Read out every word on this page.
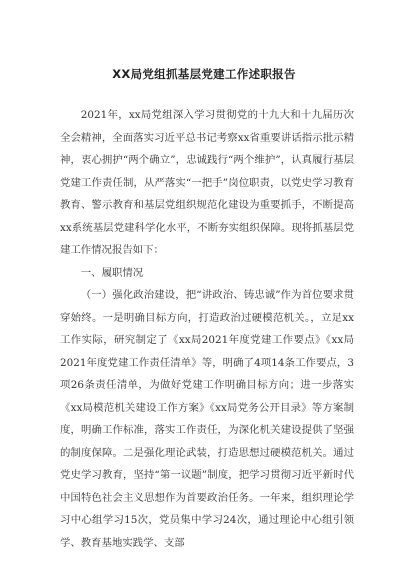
XX局党组抓基层党建工作述职报告

2021年，xx局党组深入学习贯彻党的十九大和十九届历次全会精神，全面落实习近平总书记考察xx省重要讲话指示批示精神，衷心拥护“两个确立”，忠诚践行“两个维护”，认真履行基层党建工作责任制，从严落实“一把手”岗位职责，以党史学习教育教育、警示教育和基层党组织规范化建设为重要抓手，不断提高xx系统基层党建科学化水平，不断夯实组织保障。现将抓基层党建工作情况报告如下：

一、履职情况

（一）强化政治建设，把“讲政治、铸忠诚”作为首位要求贯穿始终。一是明确目标方向，打造政治过硬模范机关。，立足xx工作实际，研究制定了《xx局2021年度党建工作要点》《xx局2021年度党建工作责任清单》等，明确了4项14条工作要点，3项26条责任清单，为做好党建工作明确目标方向；进一步落实《xx局模范机关建设工作方案》《xx局党务公开目录》等方案制度，明确工作标准，落实工作责任，为深化机关建设提供了坚强的制度保障。二是强化理论武装，打造思想过硬模范机关。通过党史学习教育，坚持“第一议题”制度，把学习贯彻习近平新时代中国特色社会主义思想作为首要政治任务。一年来，组织理论学习中心组学习15次，党员集中学习24次，通过理论中心组引领学、教育基地实践学、支部
